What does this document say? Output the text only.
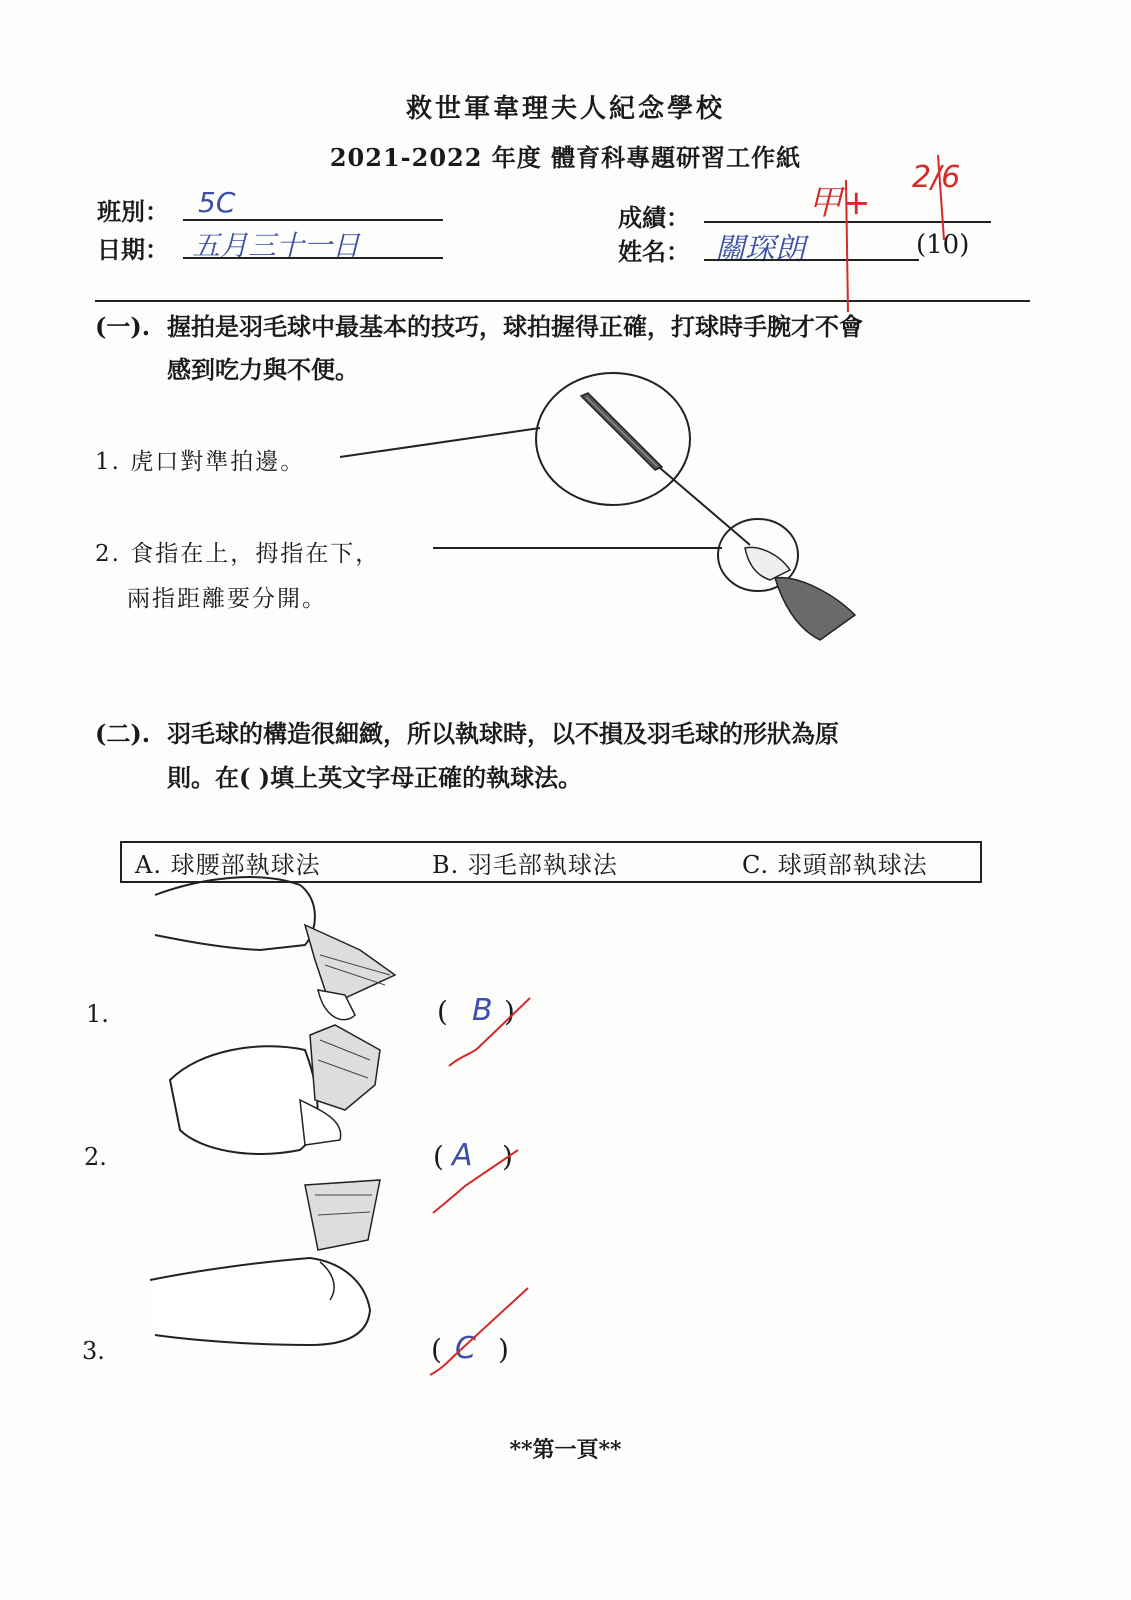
救世軍韋理夫人紀念學校
2021-2022 年度 體育科專題研習工作紙
班別： 5C
日期： 五月三十一日
成績：	甲+
2/6
姓名： 關琛朗	(10)
(一). 握拍是羽毛球中最基本的技巧，球拍握得正確，打球時手腕才不會
感到吃力與不便。
1. 虎口對準拍邊。
2. 食指在上，拇指在下，
兩指距離要分開。
(二). 羽毛球的構造很細緻，所以執球時，以不損及羽毛球的形狀為原
則。在( )填上英文字母正確的執球法。
A. 球腰部執球法	B. 羽毛部執球法	C. 球頭部執球法
1.	( B )
2.	( A )
3.	( C )
**第一頁**
